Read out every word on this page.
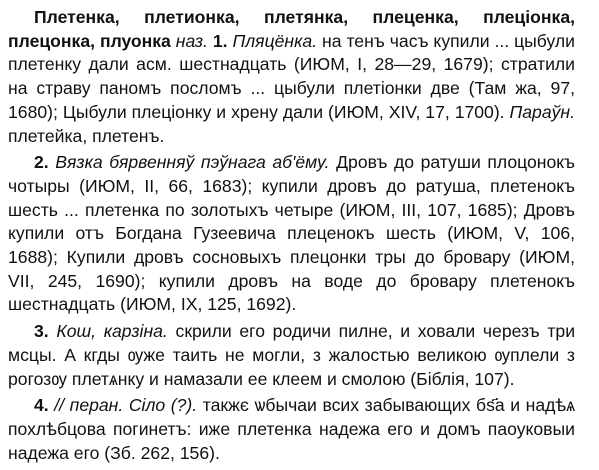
Плетенка, плетионка, плетянка, плеценка, плеціонка, плецонка, плуонка наз. 1. Пляцёнка. на тенъ часъ купили ... цыбули плетенку дали асм. шестнадцать (ИЮМ, I, 28—29, 1679); стратили на страву паномъ посломъ ... цыбули плетіонки две (Там жа, 97, 1680); Цыбули плеціонку и хрену дали (ИЮМ, XIV, 17, 1700). Параўн. плетейка, плетенъ.

2. Вязка бярвенняў пэўнага аб'ёму. Дровъ до ратуши плоцонокъ чотыры (ИЮМ, II, 66, 1683); купили дровъ до ратуша, плетенокъ шесть ... плетенка по золотыхъ четыре (ИЮМ, III, 107, 1685); Дровъ купили отъ Богдана Гузеевича плеценокъ шесть (ИЮМ, V, 106, 1688); Купили дровъ сосновыхъ плецонки тры до бровару (ИЮМ, VII, 245, 1690); купили дровъ на воде до бровару плетенокъ шестнадцать (ИЮМ, IX, 125, 1692).

3. Кош, карзіна. скрили его родичи пилне, и ховали черезъ три мсцы. А кгды ѹже таить не могли, з жалостью великою ѹплели з рогозѹ плетѧнку и намазали ее клеем и смолою (Біблія, 107).

4. // перан. Сіло (?). такжє ѡбычаи всих забывающих бѕ҃а и надѣѧ похлѣбцова погинетъ: иже плетенка надежа его и домъ паоуковыи надежа его (Зб. 262, 156).
